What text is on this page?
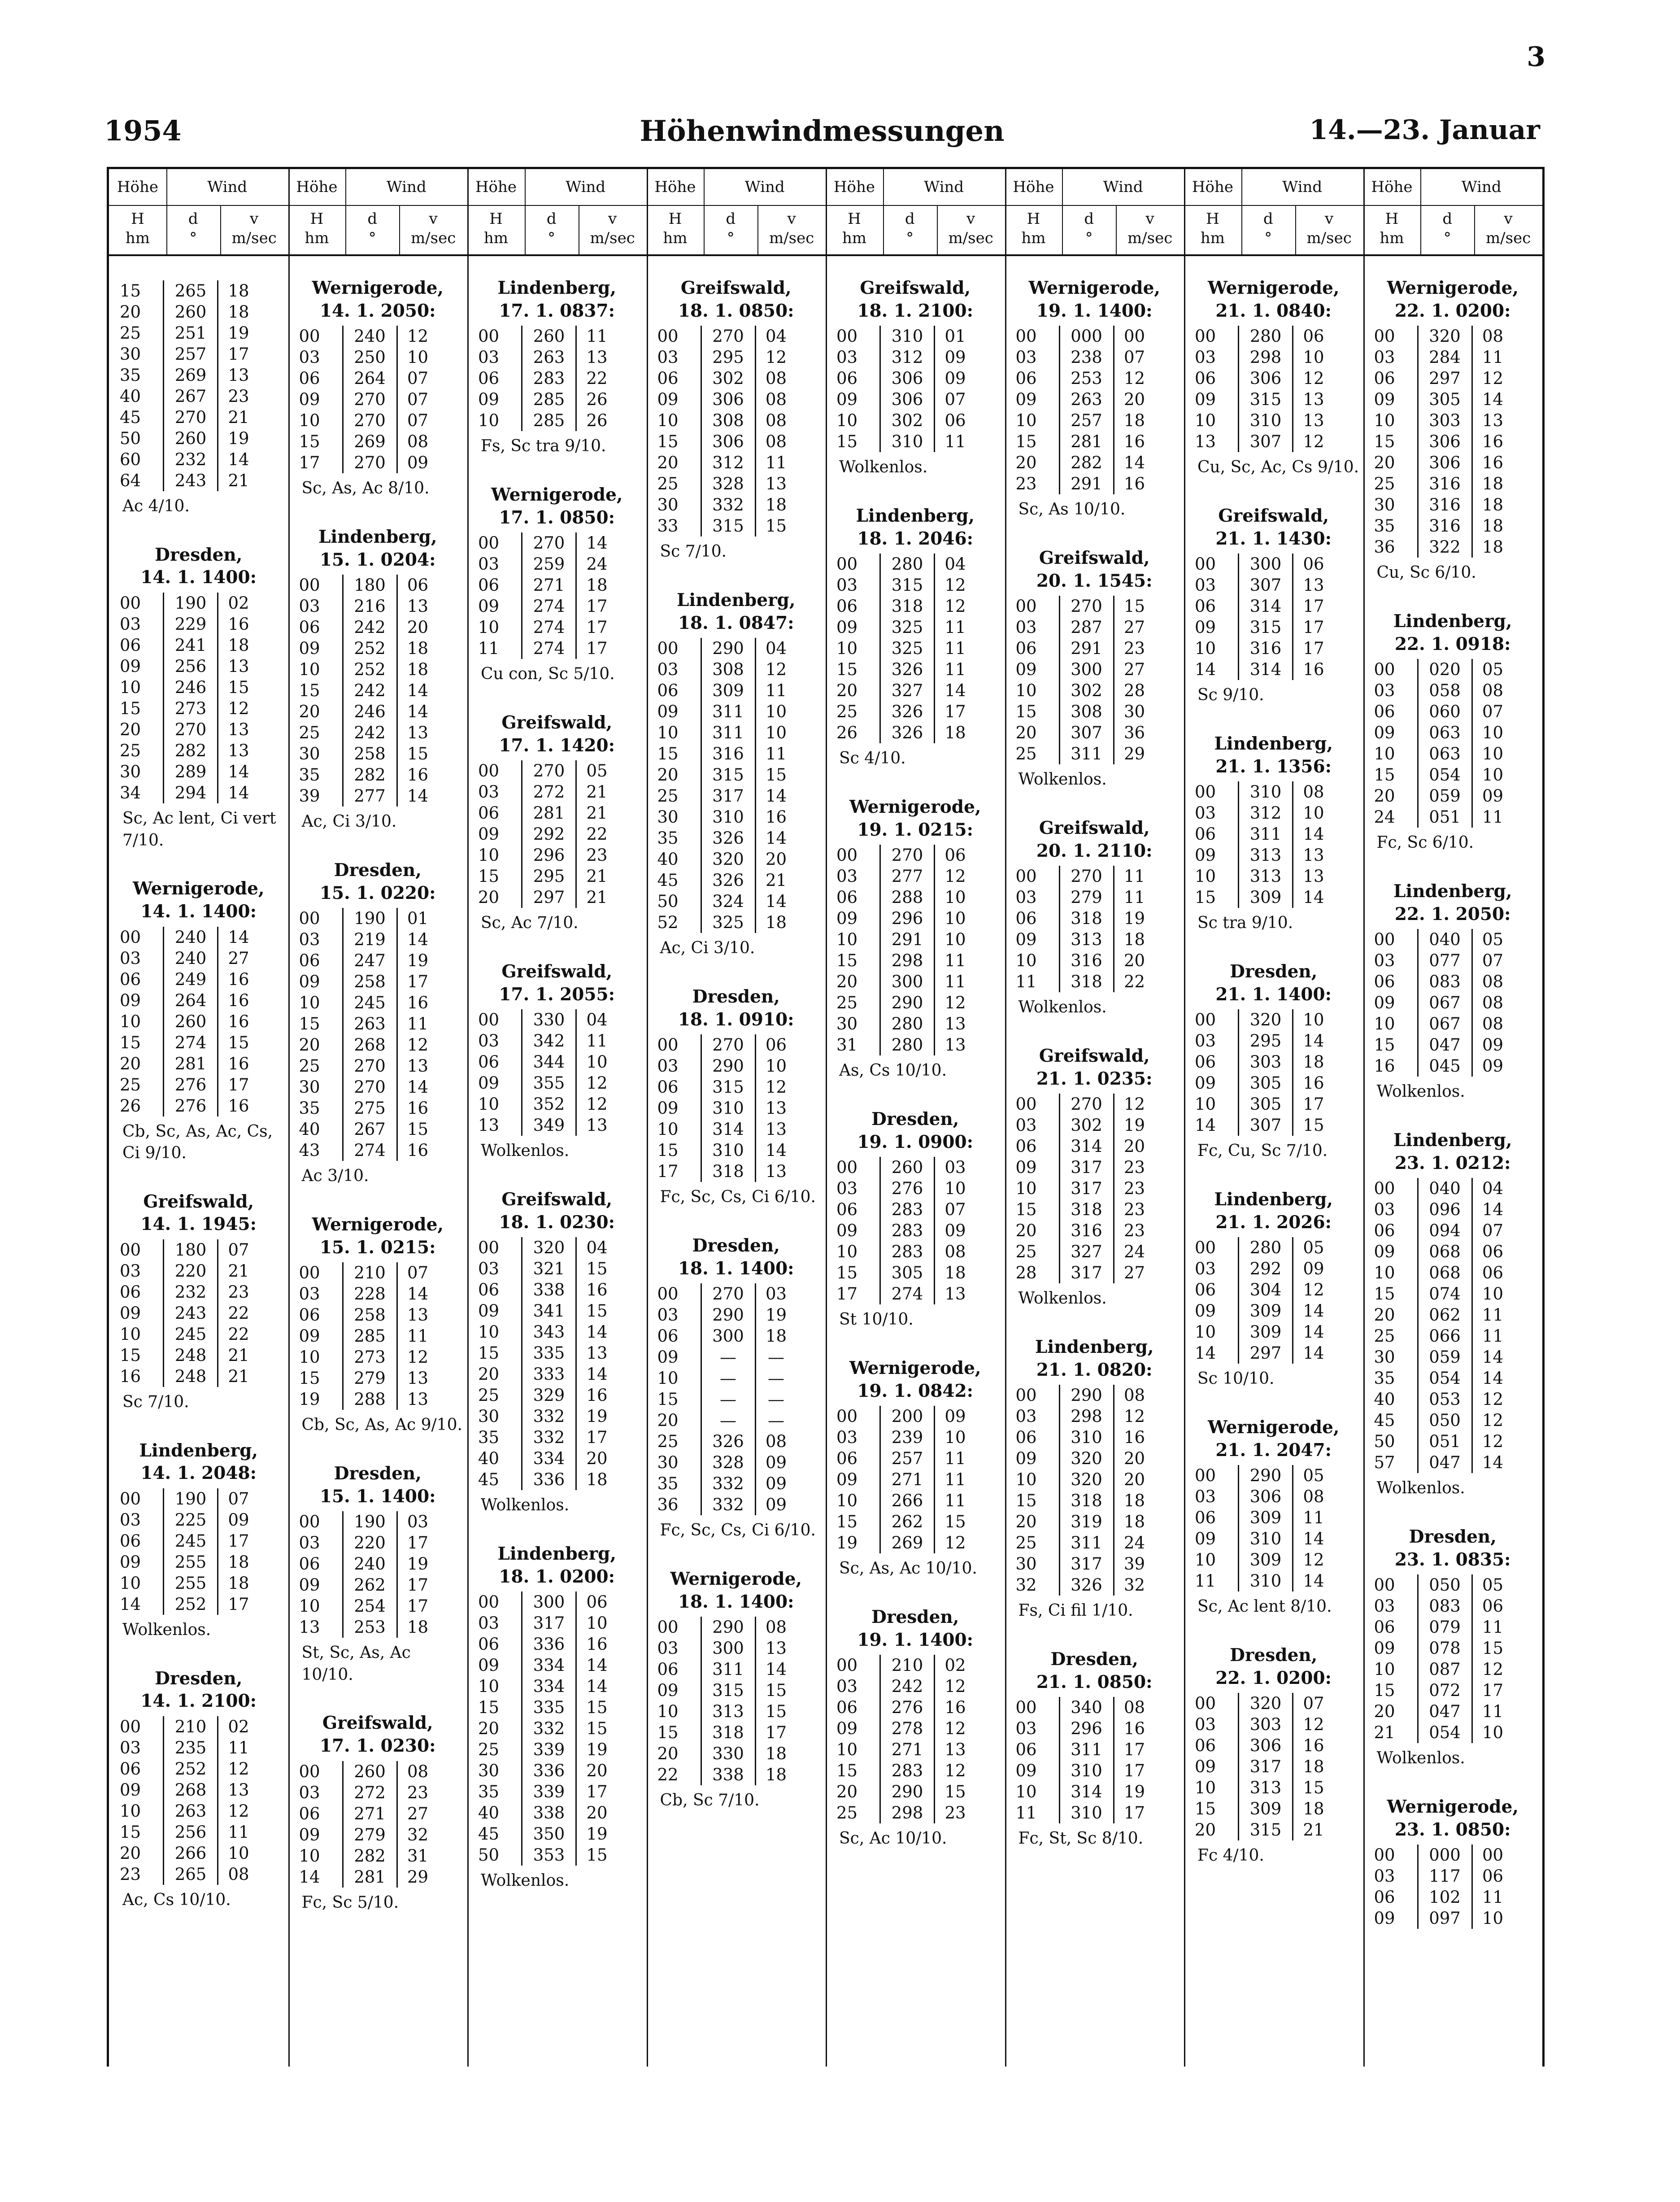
3
1954	Höhenwindmessungen	14.—23. Januar
Höhe	Wind
H
hm
d
°
v
m/sec
15	265	18
20	260	18
25	251	19
30	257	17
35	269	13
40	267	23
45	270	21
50	260	19
60	232	14
64	243	21
Ac 4/10.
Dresden,
14. 1. 1400:
00	190	02
03	229	16
06	241	18
09	256	13
10	246	15
15	273	12
20	270	13
25	282	13
30	289	14
34	294	14
Sc, Ac lent, Ci vert 7/10.
Wernigerode,
14. 1. 1400:
00	240	14
03	240	27
06	249	16
09	264	16
10	260	16
15	274	15
20	281	16
25	276	17
26	276	16
Cb, Sc, As, Ac, Cs, Ci 9/10.
Greifswald,
14. 1. 1945:
00	180	07
03	220	21
06	232	23
09	243	22
10	245	22
15	248	21
16	248	21
Sc 7/10.
Lindenberg,
14. 1. 2048:
00	190	07
03	225	09
06	245	17
09	255	18
10	255	18
14	252	17
Wolkenlos.
Dresden,
14. 1. 2100:
00	210	02
03	235	11
06	252	12
09	268	13
10	263	12
15	256	11
20	266	10
23	265	08
Ac, Cs 10/10.
Höhe	Wind
H
hm
d
°
v
m/sec
Wernigerode,
14. 1. 2050:
00	240	12
03	250	10
06	264	07
09	270	07
10	270	07
15	269	08
17	270	09
Sc, As, Ac 8/10.
Lindenberg,
15. 1. 0204:
00	180	06
03	216	13
06	242	20
09	252	18
10	252	18
15	242	14
20	246	14
25	242	13
30	258	15
35	282	16
39	277	14
Ac, Ci 3/10.
Dresden,
15. 1. 0220:
00	190	01
03	219	14
06	247	19
09	258	17
10	245	16
15	263	11
20	268	12
25	270	13
30	270	14
35	275	16
40	267	15
43	274	16
Ac 3/10.
Wernigerode,
15. 1. 0215:
00	210	07
03	228	14
06	258	13
09	285	11
10	273	12
15	279	13
19	288	13
Cb, Sc, As, Ac 9/10.
Dresden,
15. 1. 1400:
00	190	03
03	220	17
06	240	19
09	262	17
10	254	17
13	253	18
St, Sc, As, Ac 10/10.
Greifswald,
17. 1. 0230:
00	260	08
03	272	23
06	271	27
09	279	32
10	282	31
14	281	29
Fc, Sc 5/10.
Höhe	Wind
H
hm
d
°
v
m/sec
Lindenberg,
17. 1. 0837:
00	260	11
03	263	13
06	283	22
09	285	26
10	285	26
Fs, Sc tra 9/10.
Wernigerode,
17. 1. 0850:
00	270	14
03	259	24
06	271	18
09	274	17
10	274	17
11	274	17
Cu con, Sc 5/10.
Greifswald,
17. 1. 1420:
00	270	05
03	272	21
06	281	21
09	292	22
10	296	23
15	295	21
20	297	21
Sc, Ac 7/10.
Greifswald,
17. 1. 2055:
00	330	04
03	342	11
06	344	10
09	355	12
10	352	12
13	349	13
Wolkenlos.
Greifswald,
18. 1. 0230:
00	320	04
03	321	15
06	338	16
09	341	15
10	343	14
15	335	13
20	333	14
25	329	16
30	332	19
35	332	17
40	334	20
45	336	18
Wolkenlos.
Lindenberg,
18. 1. 0200:
00	300	06
03	317	10
06	336	16
09	334	14
10	334	14
15	335	15
20	332	15
25	339	19
30	336	20
35	339	17
40	338	20
45	350	19
50	353	15
Wolkenlos.
Höhe	Wind
H
hm
d
°
v
m/sec
Greifswald,
18. 1. 0850:
00	270	04
03	295	12
06	302	08
09	306	08
10	308	08
15	306	08
20	312	11
25	328	13
30	332	18
33	315	15
Sc 7/10.
Lindenberg,
18. 1. 0847:
00	290	04
03	308	12
06	309	11
09	311	10
10	311	10
15	316	11
20	315	15
25	317	14
30	310	16
35	326	14
40	320	20
45	326	21
50	324	14
52	325	18
Ac, Ci 3/10.
Dresden,
18. 1. 0910:
00	270	06
03	290	10
06	315	12
09	310	13
10	314	13
15	310	14
17	318	13
Fc, Sc, Cs, Ci 6/10.
Dresden,
18. 1. 1400:
00	270	03
03	290	19
06	300	18
09	—	—
10	—	—
15	—	—
20	—	—
25	326	08
30	328	09
35	332	09
36	332	09
Fc, Sc, Cs, Ci 6/10.
Wernigerode,
18. 1. 1400:
00	290	08
03	300	13
06	311	14
09	315	15
10	313	15
15	318	17
20	330	18
22	338	18
Cb, Sc 7/10.
Höhe	Wind
H
hm
d
°
v
m/sec
Greifswald,
18. 1. 2100:
00	310	01
03	312	09
06	306	09
09	306	07
10	302	06
15	310	11
Wolkenlos.
Lindenberg,
18. 1. 2046:
00	280	04
03	315	12
06	318	12
09	325	11
10	325	11
15	326	11
20	327	14
25	326	17
26	326	18
Sc 4/10.
Wernigerode,
19. 1. 0215:
00	270	06
03	277	12
06	288	10
09	296	10
10	291	10
15	298	11
20	300	11
25	290	12
30	280	13
31	280	13
As, Cs 10/10.
Dresden,
19. 1. 0900:
00	260	03
03	276	10
06	283	07
09	283	09
10	283	08
15	305	18
17	274	13
St 10/10.
Wernigerode,
19. 1. 0842:
00	200	09
03	239	10
06	257	11
09	271	11
10	266	11
15	262	15
19	269	12
Sc, As, Ac 10/10.
Dresden,
19. 1. 1400:
00	210	02
03	242	12
06	276	16
09	278	12
10	271	13
15	283	12
20	290	15
25	298	23
Sc, Ac 10/10.
Höhe	Wind
H
hm
d
°
v
m/sec
Wernigerode,
19. 1. 1400:
00	000	00
03	238	07
06	253	12
09	263	20
10	257	18
15	281	16
20	282	14
23	291	16
Sc, As 10/10.
Greifswald,
20. 1. 1545:
00	270	15
03	287	27
06	291	23
09	300	27
10	302	28
15	308	30
20	307	36
25	311	29
Wolkenlos.
Greifswald,
20. 1. 2110:
00	270	11
03	279	11
06	318	19
09	313	18
10	316	20
11	318	22
Wolkenlos.
Greifswald,
21. 1. 0235:
00	270	12
03	302	19
06	314	20
09	317	23
10	317	23
15	318	23
20	316	23
25	327	24
28	317	27
Wolkenlos.
Lindenberg,
21. 1. 0820:
00	290	08
03	298	12
06	310	16
09	320	20
10	320	20
15	318	18
20	319	18
25	311	24
30	317	39
32	326	32
Fs, Ci fil 1/10.
Dresden,
21. 1. 0850:
00	340	08
03	296	16
06	311	17
09	310	17
10	314	19
11	310	17
Fc, St, Sc 8/10.
Höhe	Wind
H
hm
d
°
v
m/sec
Wernigerode,
21. 1. 0840:
00	280	06
03	298	10
06	306	12
09	315	13
10	310	13
13	307	12
Cu, Sc, Ac, Cs 9/10.
Greifswald,
21. 1. 1430:
00	300	06
03	307	13
06	314	17
09	315	17
10	316	17
14	314	16
Sc 9/10.
Lindenberg,
21. 1. 1356:
00	310	08
03	312	10
06	311	14
09	313	13
10	313	13
15	309	14
Sc tra 9/10.
Dresden,
21. 1. 1400:
00	320	10
03	295	14
06	303	18
09	305	16
10	305	17
14	307	15
Fc, Cu, Sc 7/10.
Lindenberg,
21. 1. 2026:
00	280	05
03	292	09
06	304	12
09	309	14
10	309	14
14	297	14
Sc 10/10.
Wernigerode,
21. 1. 2047:
00	290	05
03	306	08
06	309	11
09	310	14
10	309	12
11	310	14
Sc, Ac lent 8/10.
Dresden,
22. 1. 0200:
00	320	07
03	303	12
06	306	16
09	317	18
10	313	15
15	309	18
20	315	21
Fc 4/10.
Höhe	Wind
H
hm
d
°
v
m/sec
Wernigerode,
22. 1. 0200:
00	320	08
03	284	11
06	297	12
09	305	14
10	303	13
15	306	16
20	306	16
25	316	18
30	316	18
35	316	18
36	322	18
Cu, Sc 6/10.
Lindenberg,
22. 1. 0918:
00	020	05
03	058	08
06	060	07
09	063	10
10	063	10
15	054	10
20	059	09
24	051	11
Fc, Sc 6/10.
Lindenberg,
22. 1. 2050:
00	040	05
03	077	07
06	083	08
09	067	08
10	067	08
15	047	09
16	045	09
Wolkenlos.
Lindenberg,
23. 1. 0212:
00	040	04
03	096	14
06	094	07
09	068	06
10	068	06
15	074	10
20	062	11
25	066	11
30	059	14
35	054	14
40	053	12
45	050	12
50	051	12
57	047	14
Wolkenlos.
Dresden,
23. 1. 0835:
00	050	05
03	083	06
06	079	11
09	078	15
10	087	12
15	072	17
20	047	11
21	054	10
Wolkenlos.
Wernigerode,
23. 1. 0850:
00	000	00
03	117	06
06	102	11
09	097	10
